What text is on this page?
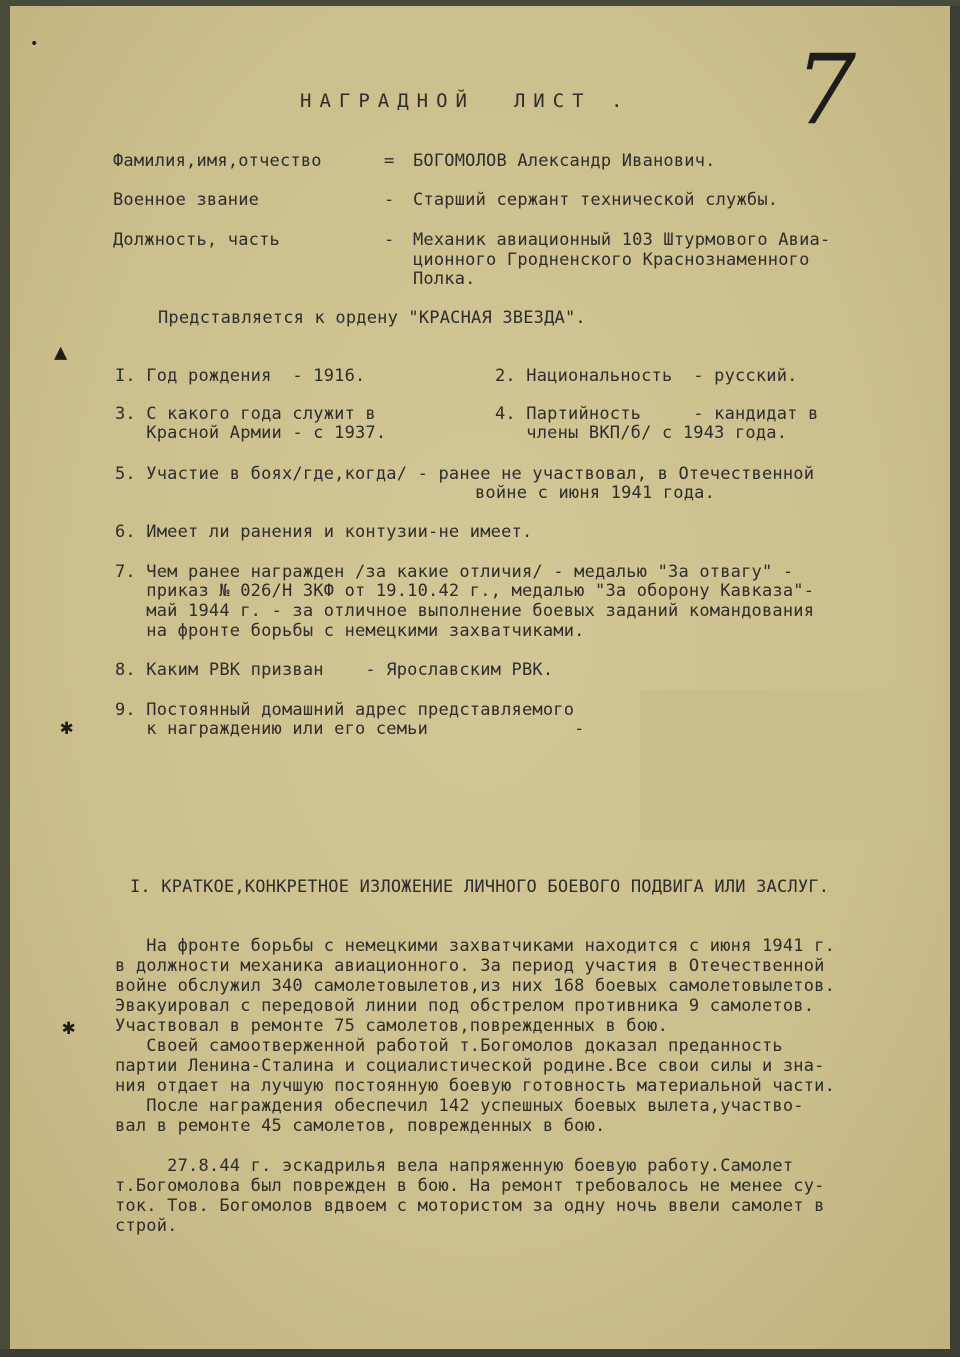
•
▲
✱
✱
НАГРАДНОЙ  ЛИСТ . 7
Фамилия,имя,отчество	= БОГОМОЛОВ Александр Иванович.
Военное звание	- Старший сержант технической службы.
Должность, часть	- Механик авиационный 103 Штурмового Авиа-
ционного Гродненского Краснознаменного
Полка.
Представляется к ордену "КРАСНАЯ ЗВЕЗДА".
I. Год рождения  - 1916.	2. Национальность  - русский.
3. С какого года служит в
Красной Армии - с 1937.
4. Партийность     - кандидат в
члены ВКП/б/ с 1943 года.
5. Участие в боях/где,когда/ - ранее не участвовал, в Отечественной
войне с июня 1941 года.
6. Имеет ли ранения и контузии-не имеет.
7. Чем ранее награжден /за какие отличия/ - медалью "За отвагу" -
приказ № 026/Н ЗКФ от 19.10.42 г., медалью "За оборону Кавказа"-
май 1944 г. - за отличное выполнение боевых заданий командования
на фронте борьбы с немецкими захватчиками.
8. Каким РВК призван    - Ярославским РВК.
9. Постоянный домашний адрес представляемого
к награждению или его семьи              -
I. КРАТКОЕ,КОНКРЕТНОЕ ИЗЛОЖЕНИЕ ЛИЧНОГО БОЕВОГО ПОДВИГА ИЛИ ЗАСЛУГ.
На фронте борьбы с немецкими захватчиками находится с июня 1941 г.
в должности механика авиационного. За период участия в Отечественной
войне обслужил 340 самолетовылетов,из них 168 боевых самолетовылетов.
Эвакуировал с передовой линии под обстрелом противника 9 самолетов.
Участвовал в ремонте 75 самолетов,поврежденных в бою.
Своей самоотверженной работой т.Богомолов доказал преданность
партии Ленина-Сталина и социалистической родине.Все свои силы и зна-
ния отдает на лучшую постоянную боевую готовность материальной части.
После награждения обеспечил 142 успешных боевых вылета,участво-
вал в ремонте 45 самолетов, поврежденных в бою.
27.8.44 г. эскадрилья вела напряженную боевую работу.Самолет
т.Богомолова был поврежден в бою. На ремонт требовалось не менее су-
ток. Тов. Богомолов вдвоем с мотористом за одну ночь ввели самолет в
строй.
